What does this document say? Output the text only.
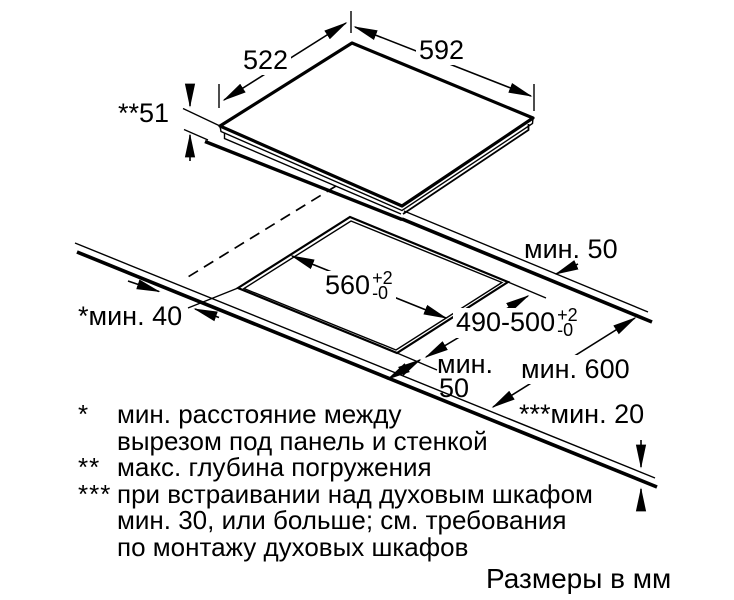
522	592
**51
560 +2
-0
490-500 +2
-0
мин. 50
*мин. 40
мин.
50
мин. 600
***мин. 20
*	мин. расстояние между
вырезом под панель и стенкой
** макс. глубина погружения
*** при встраивании над духовым шкафом
мин. 30, или больше; см. требования
по монтажу духовых шкафов
Размеры в мм
